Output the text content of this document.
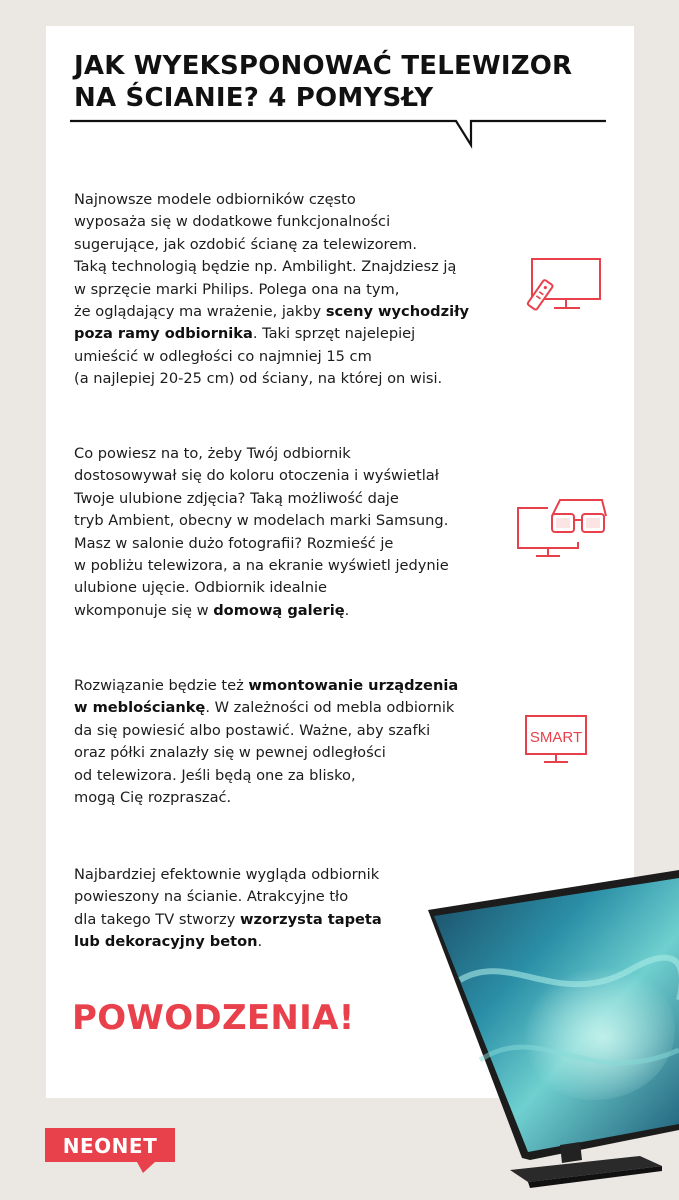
JAK WYEKSPONOWAĆ TELEWIZOR
NA ŚCIANIE? 4 POMYSŁY

Najnowsze modele odbiorników często
wyposaża się w dodatkowe funkcjonalności
sugerujące, jak ozdobić ścianę za telewizorem.
Taką technologią będzie np. Ambilight. Znajdziesz ją
w sprzęcie marki Philips. Polega ona na tym,
że oglądający ma wrażenie, jakby sceny wychodziły
poza ramy odbiornika. Taki sprzęt najelepiej
umieścić w odległości co najmniej 15 cm
(a najlepiej 20-25 cm) od ściany, na której on wisi.

Co powiesz na to, żeby Twój odbiornik
dostosowywał się do koloru otoczenia i wyświetlał
Twoje ulubione zdjęcia? Taką możliwość daje
tryb Ambient, obecny w modelach marki Samsung.
Masz w salonie dużo fotografii? Rozmieść je
w pobliżu telewizora, a na ekranie wyświetl jedynie
ulubione ujęcie. Odbiornik idealnie
wkomponuje się w domową galerię.

Rozwiązanie będzie też wmontowanie urządzenia
w meblościankę. W zależności od mebla odbiornik
da się powiesić albo postawić. Ważne, aby szafki
oraz półki znalazły się w pewnej odległości
od telewizora. Jeśli będą one za blisko,
mogą Cię rozpraszać.

Najbardziej efektownie wygląda odbiornik
powieszony na ścianie. Atrakcyjne tło
dla takego TV stworzy wzorzysta tapeta
lub dekoracyjny beton.

SMART

POWODZENIA!

NEONET
